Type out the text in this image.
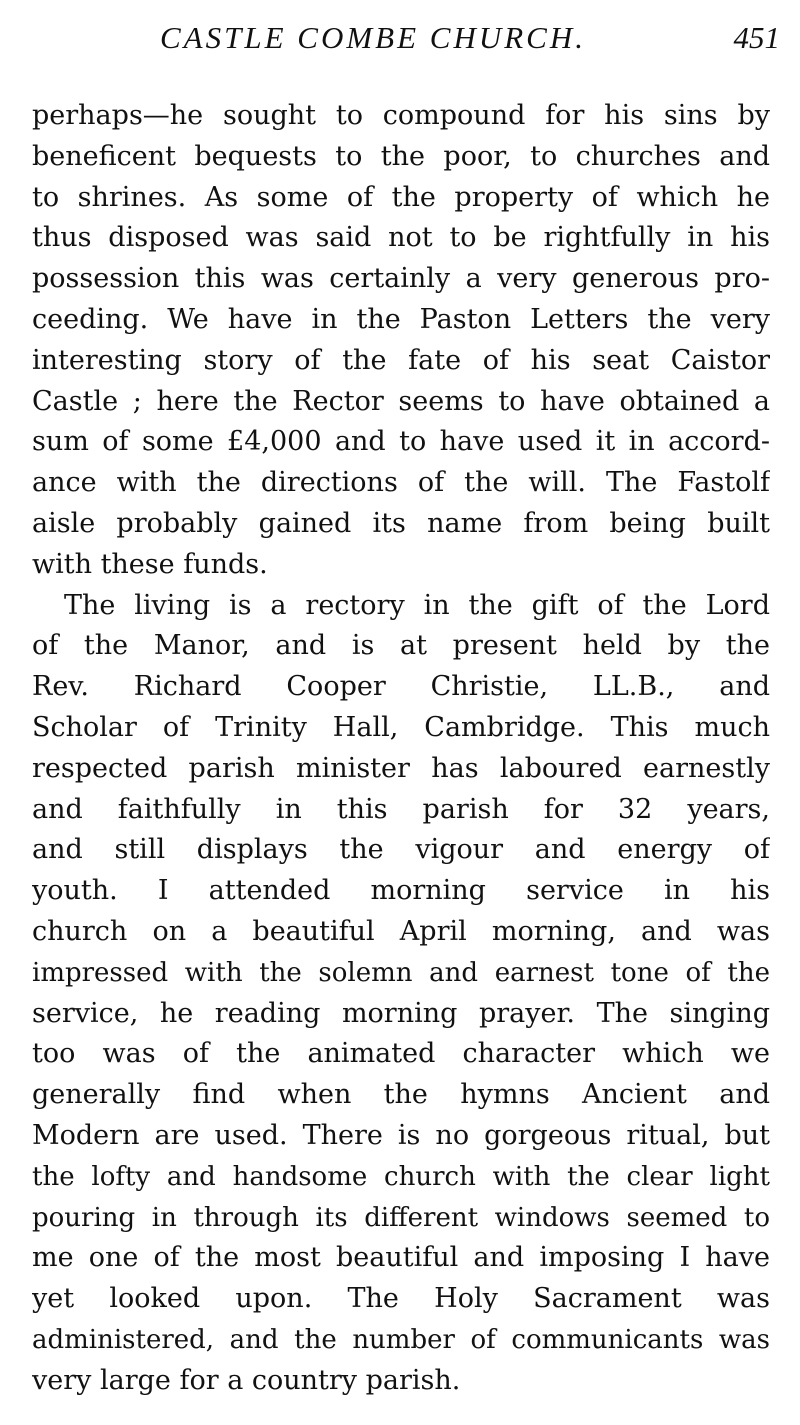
CASTLE COMBE CHURCH.	451
perhaps—he sought to compound for his sins by
beneficent bequests to the poor, to churches and
to shrines. As some of the property of which he
thus disposed was said not to be rightfully in his
possession this was certainly a very generous pro-
ceeding. We have in the Paston Letters the very
interesting story of the fate of his seat Caistor
Castle ; here the Rector seems to have obtained a
sum of some £4,000 and to have used it in accord-
ance with the directions of the will. The Fastolf
aisle probably gained its name from being built
with these funds.
The living is a rectory in the gift of the Lord
of the Manor, and is at present held by the
Rev. Richard Cooper Christie, LL.B., and
Scholar of Trinity Hall, Cambridge. This much
respected parish minister has laboured earnestly
and faithfully in this parish for 32 years,
and still displays the vigour and energy of
youth. I attended morning service in his
church on a beautiful April morning, and was
impressed with the solemn and earnest tone of the
service, he reading morning prayer. The singing
too was of the animated character which we
generally find when the hymns Ancient and
Modern are used. There is no gorgeous ritual, but
the lofty and handsome church with the clear light
pouring in through its different windows seemed to
me one of the most beautiful and imposing I have
yet looked upon. The Holy Sacrament was
administered, and the number of communicants was
very large for a country parish.
